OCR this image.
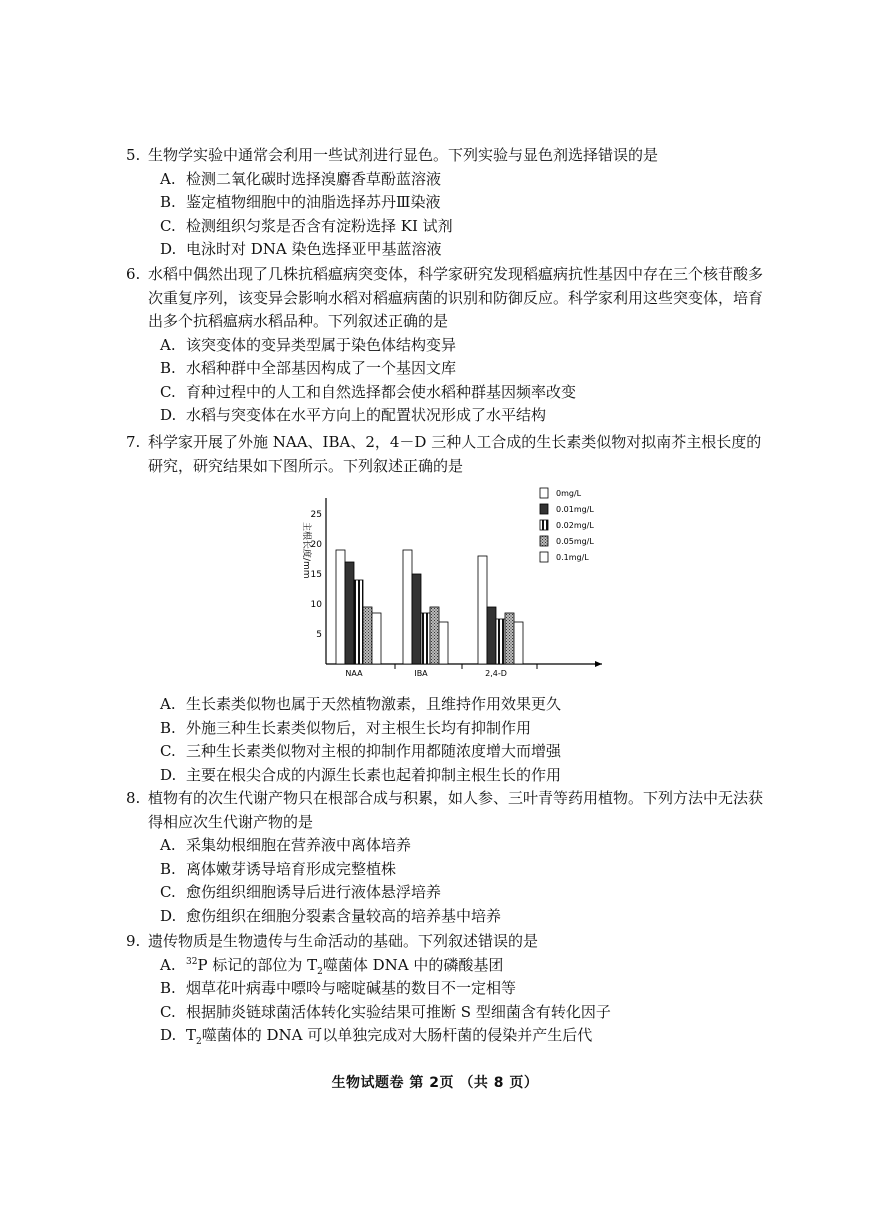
5. 生物学实验中通常会利用一些试剂进行显色。下列实验与显色剂选择错误的是
A. 检测二氧化碳时选择溴麝香草酚蓝溶液
B. 鉴定植物细胞中的油脂选择苏丹Ⅲ染液
C. 检测组织匀浆是否含有淀粉选择 KI 试剂
D. 电泳时对 DNA 染色选择亚甲基蓝溶液
6. 水稻中偶然出现了几株抗稻瘟病突变体，科学家研究发现稻瘟病抗性基因中存在三个核苷酸多次重复序列，该变异会影响水稻对稻瘟病菌的识别和防御反应。科学家利用这些突变体，培育出多个抗稻瘟病水稻品种。下列叙述正确的是
A. 该突变体的变异类型属于染色体结构变异
B. 水稻种群中全部基因构成了一个基因文库
C. 育种过程中的人工和自然选择都会使水稻种群基因频率改变
D. 水稻与突变体在水平方向上的配置状况形成了水平结构
7. 科学家开展了外施 NAA、IBA、2，4－D 三种人工合成的生长素类似物对拟南芥主根长度的研究，研究结果如下图所示。下列叙述正确的是
A. 生长素类似物也属于天然植物激素，且维持作用效果更久
B. 外施三种生长素类似物后，对主根生长均有抑制作用
C. 三种生长素类似物对主根的抑制作用都随浓度增大而增强
D. 主要在根尖合成的内源生长素也起着抑制主根生长的作用
5
10
15
20
25
主根长度/mm
NAA	IBA	2,4-D
0mg/L
0.01mg/L
0.02mg/L
0.05mg/L
0.1mg/L
8. 植物有的次生代谢产物只在根部合成与积累，如人参、三叶青等药用植物。下列方法中无法获得相应次生代谢产物的是
A. 采集幼根细胞在营养液中离体培养
B. 离体嫩芽诱导培育形成完整植株
C. 愈伤组织细胞诱导后进行液体悬浮培养
D. 愈伤组织在细胞分裂素含量较高的培养基中培养
9. 遗传物质是生物遗传与生命活动的基础。下列叙述错误的是
A.	$^{32}$P 标记的部位为 $T_2$噬菌体 DNA 中的磷酸基团
B. 烟草花叶病毒中嘌呤与嘧啶碱基的数目不一定相等
C. 根据肺炎链球菌活体转化实验结果可推断 S 型细菌含有转化因子
D. $T_2$噬菌体的 DNA 可以单独完成对大肠杆菌的侵染并产生后代
生物试题卷 第 2页 （共 8 页）
